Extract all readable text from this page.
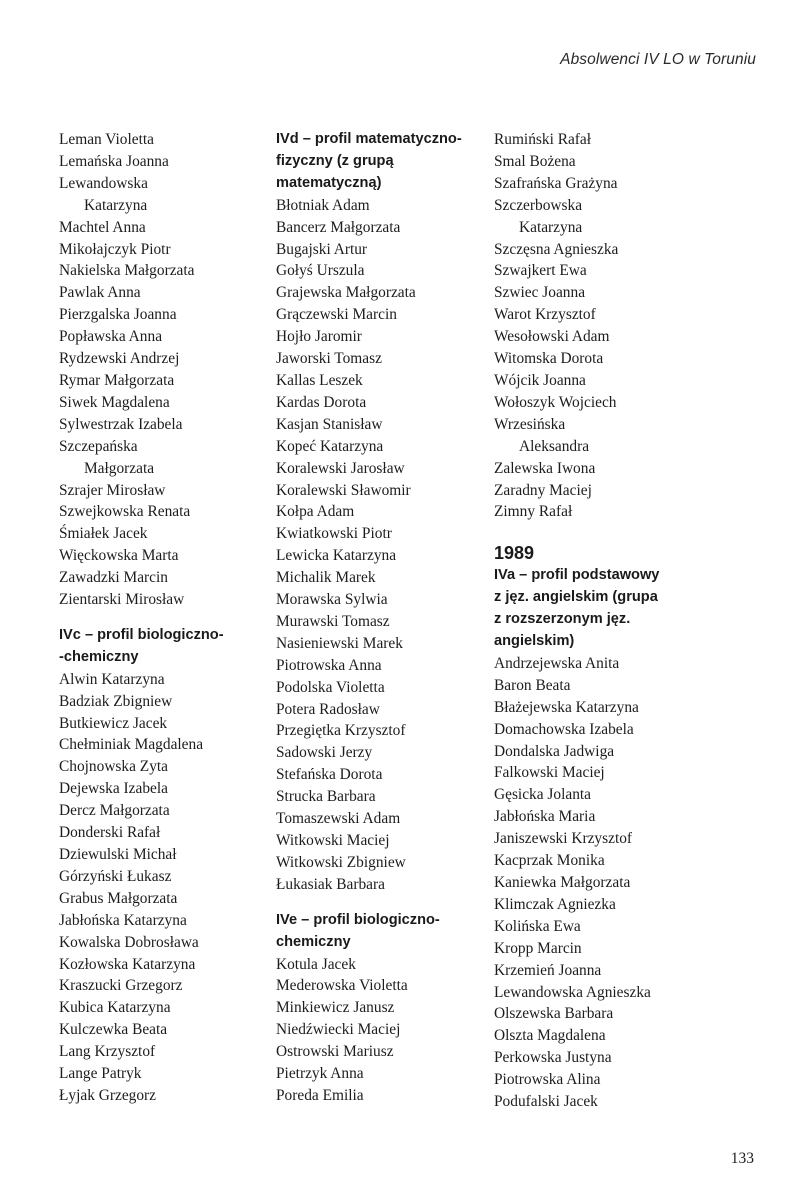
Absolwenci IV LO w Toruniu
Leman Violetta
Lemańska Joanna
Lewandowska
Katarzyna
Machtel Anna
Mikołajczyk Piotr
Nakielska Małgorzata
Pawlak Anna
Pierzgalska Joanna
Popławska Anna
Rydzewski Andrzej
Rymar Małgorzata
Siwek Magdalena
Sylwestrzak Izabela
Szczepańska
Małgorzata
Szrajer Mirosław
Szwejkowska Renata
Śmiałek Jacek
Więckowska Marta
Zawadzki Marcin
Zientarski Mirosław
IVc – profil biologiczno-
-chemiczny
Alwin Katarzyna
Badziak Zbigniew
Butkiewicz Jacek
Chełminiak Magdalena
Chojnowska Zyta
Dejewska Izabela
Dercz Małgorzata
Donderski Rafał
Dziewulski Michał
Górzyński Łukasz
Grabus Małgorzata
Jabłońska Katarzyna
Kowalska Dobrosława
Kozłowska Katarzyna
Kraszucki Grzegorz
Kubica Katarzyna
Kulczewka Beata
Lang Krzysztof
Lange Patryk
Łyjak Grzegorz
IVd – profil matematyczno-
fizyczny (z grupą
matematyczną)
Błotniak Adam
Bancerz Małgorzata
Bugajski Artur
Gołyś Urszula
Grajewska Małgorzata
Grączewski Marcin
Hojło Jaromir
Jaworski Tomasz
Kallas Leszek
Kardas Dorota
Kasjan Stanisław
Kopeć Katarzyna
Koralewski Jarosław
Koralewski Sławomir
Kołpa Adam
Kwiatkowski Piotr
Lewicka Katarzyna
Michalik Marek
Morawska Sylwia
Murawski Tomasz
Nasieniewski Marek
Piotrowska Anna
Podolska Violetta
Potera Radosław
Przegiętka Krzysztof
Sadowski Jerzy
Stefańska Dorota
Strucka Barbara
Tomaszewski Adam
Witkowski Maciej
Witkowski Zbigniew
Łukasiak Barbara
IVe – profil biologiczno-
chemiczny
Kotula Jacek
Mederowska Violetta
Minkiewicz Janusz
Niedźwiecki Maciej
Ostrowski Mariusz
Pietrzyk Anna
Poreda Emilia
Rumiński Rafał
Smal Bożena
Szafrańska Grażyna
Szczerbowska
Katarzyna
Szczęsna Agnieszka
Szwajkert Ewa
Szwiec Joanna
Warot Krzysztof
Wesołowski Adam
Witomska Dorota
Wójcik Joanna
Wołoszyk Wojciech
Wrzesińska
Aleksandra
Zalewska Iwona
Zaradny Maciej
Zimny Rafał
1989
IVa – profil podstawowy
z jęz. angielskim (grupa
z rozszerzonym jęz.
angielskim)
Andrzejewska Anita
Baron Beata
Błażejewska Katarzyna
Domachowska Izabela
Dondalska Jadwiga
Falkowski Maciej
Gęsicka Jolanta
Jabłońska Maria
Janiszewski Krzysztof
Kacprzak Monika
Kaniewka Małgorzata
Klimczak Agniezka
Kolińska Ewa
Kropp Marcin
Krzemień Joanna
Lewandowska Agnieszka
Olszewska Barbara
Olszta Magdalena
Perkowska Justyna
Piotrowska Alina
Podufalski Jacek
133
